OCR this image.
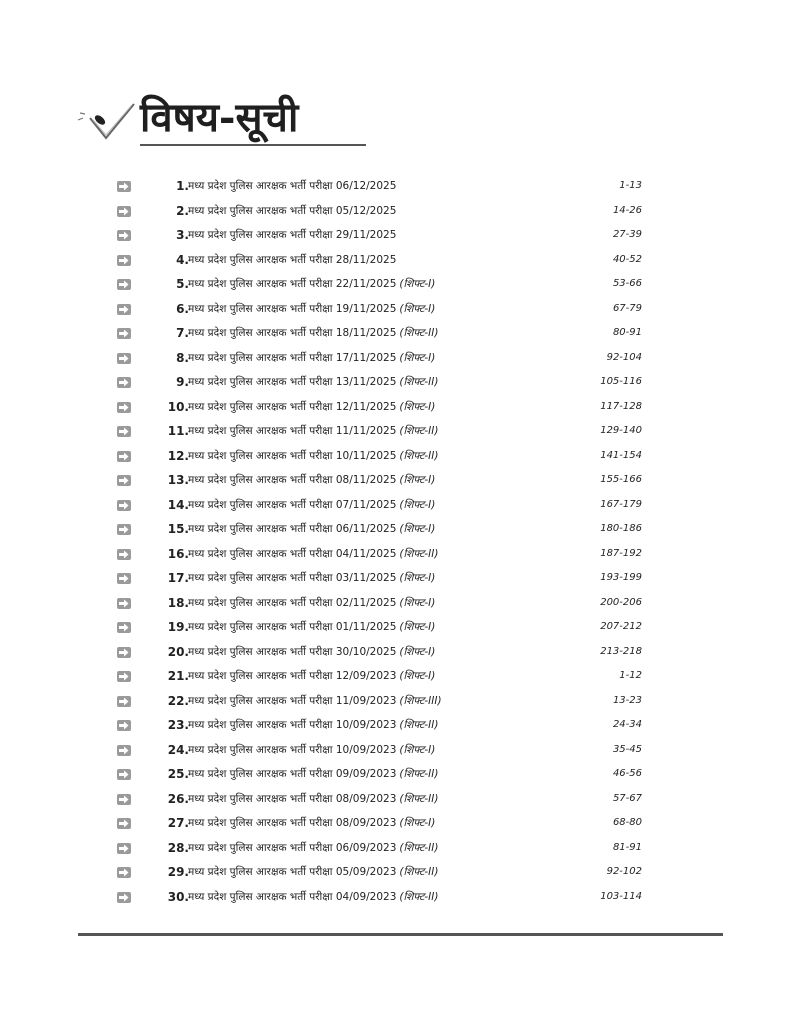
विषय-सूची
1. मध्य प्रदेश पुलिस आरक्षक भर्ती परीक्षा 06/12/2025	1-13
2. मध्य प्रदेश पुलिस आरक्षक भर्ती परीक्षा 05/12/2025	14-26
3. मध्य प्रदेश पुलिस आरक्षक भर्ती परीक्षा 29/11/2025	27-39
4. मध्य प्रदेश पुलिस आरक्षक भर्ती परीक्षा 28/11/2025	40-52
5. मध्य प्रदेश पुलिस आरक्षक भर्ती परीक्षा 22/11/2025 (शिफ्ट-I)	53-66
6. मध्य प्रदेश पुलिस आरक्षक भर्ती परीक्षा 19/11/2025 (शिफ्ट-I)	67-79
7. मध्य प्रदेश पुलिस आरक्षक भर्ती परीक्षा 18/11/2025 (शिफ्ट-II)	80-91
8. मध्य प्रदेश पुलिस आरक्षक भर्ती परीक्षा 17/11/2025 (शिफ्ट-I)	92-104
9. मध्य प्रदेश पुलिस आरक्षक भर्ती परीक्षा 13/11/2025 (शिफ्ट-II)	105-116
10. मध्य प्रदेश पुलिस आरक्षक भर्ती परीक्षा 12/11/2025 (शिफ्ट-I)	117-128
11. मध्य प्रदेश पुलिस आरक्षक भर्ती परीक्षा 11/11/2025 (शिफ्ट-II)	129-140
12. मध्य प्रदेश पुलिस आरक्षक भर्ती परीक्षा 10/11/2025 (शिफ्ट-II)	141-154
13. मध्य प्रदेश पुलिस आरक्षक भर्ती परीक्षा 08/11/2025 (शिफ्ट-I)	155-166
14. मध्य प्रदेश पुलिस आरक्षक भर्ती परीक्षा 07/11/2025 (शिफ्ट-I)	167-179
15. मध्य प्रदेश पुलिस आरक्षक भर्ती परीक्षा 06/11/2025 (शिफ्ट-I)	180-186
16. मध्य प्रदेश पुलिस आरक्षक भर्ती परीक्षा 04/11/2025 (शिफ्ट-II)	187-192
17. मध्य प्रदेश पुलिस आरक्षक भर्ती परीक्षा 03/11/2025 (शिफ्ट-I)	193-199
18. मध्य प्रदेश पुलिस आरक्षक भर्ती परीक्षा 02/11/2025 (शिफ्ट-I)	200-206
19. मध्य प्रदेश पुलिस आरक्षक भर्ती परीक्षा 01/11/2025 (शिफ्ट-I)	207-212
20. मध्य प्रदेश पुलिस आरक्षक भर्ती परीक्षा 30/10/2025 (शिफ्ट-I)	213-218
21. मध्य प्रदेश पुलिस आरक्षक भर्ती परीक्षा 12/09/2023 (शिफ्ट-I)	1-12
22. मध्य प्रदेश पुलिस आरक्षक भर्ती परीक्षा 11/09/2023 (शिफ्ट-III)	13-23
23. मध्य प्रदेश पुलिस आरक्षक भर्ती परीक्षा 10/09/2023 (शिफ्ट-II)	24-34
24. मध्य प्रदेश पुलिस आरक्षक भर्ती परीक्षा 10/09/2023 (शिफ्ट-I)	35-45
25. मध्य प्रदेश पुलिस आरक्षक भर्ती परीक्षा 09/09/2023 (शिफ्ट-II)	46-56
26. मध्य प्रदेश पुलिस आरक्षक भर्ती परीक्षा 08/09/2023 (शिफ्ट-II)	57-67
27. मध्य प्रदेश पुलिस आरक्षक भर्ती परीक्षा 08/09/2023 (शिफ्ट-I)	68-80
28. मध्य प्रदेश पुलिस आरक्षक भर्ती परीक्षा 06/09/2023 (शिफ्ट-II)	81-91
29. मध्य प्रदेश पुलिस आरक्षक भर्ती परीक्षा 05/09/2023 (शिफ्ट-II)	92-102
30. मध्य प्रदेश पुलिस आरक्षक भर्ती परीक्षा 04/09/2023 (शिफ्ट-II)	103-114
